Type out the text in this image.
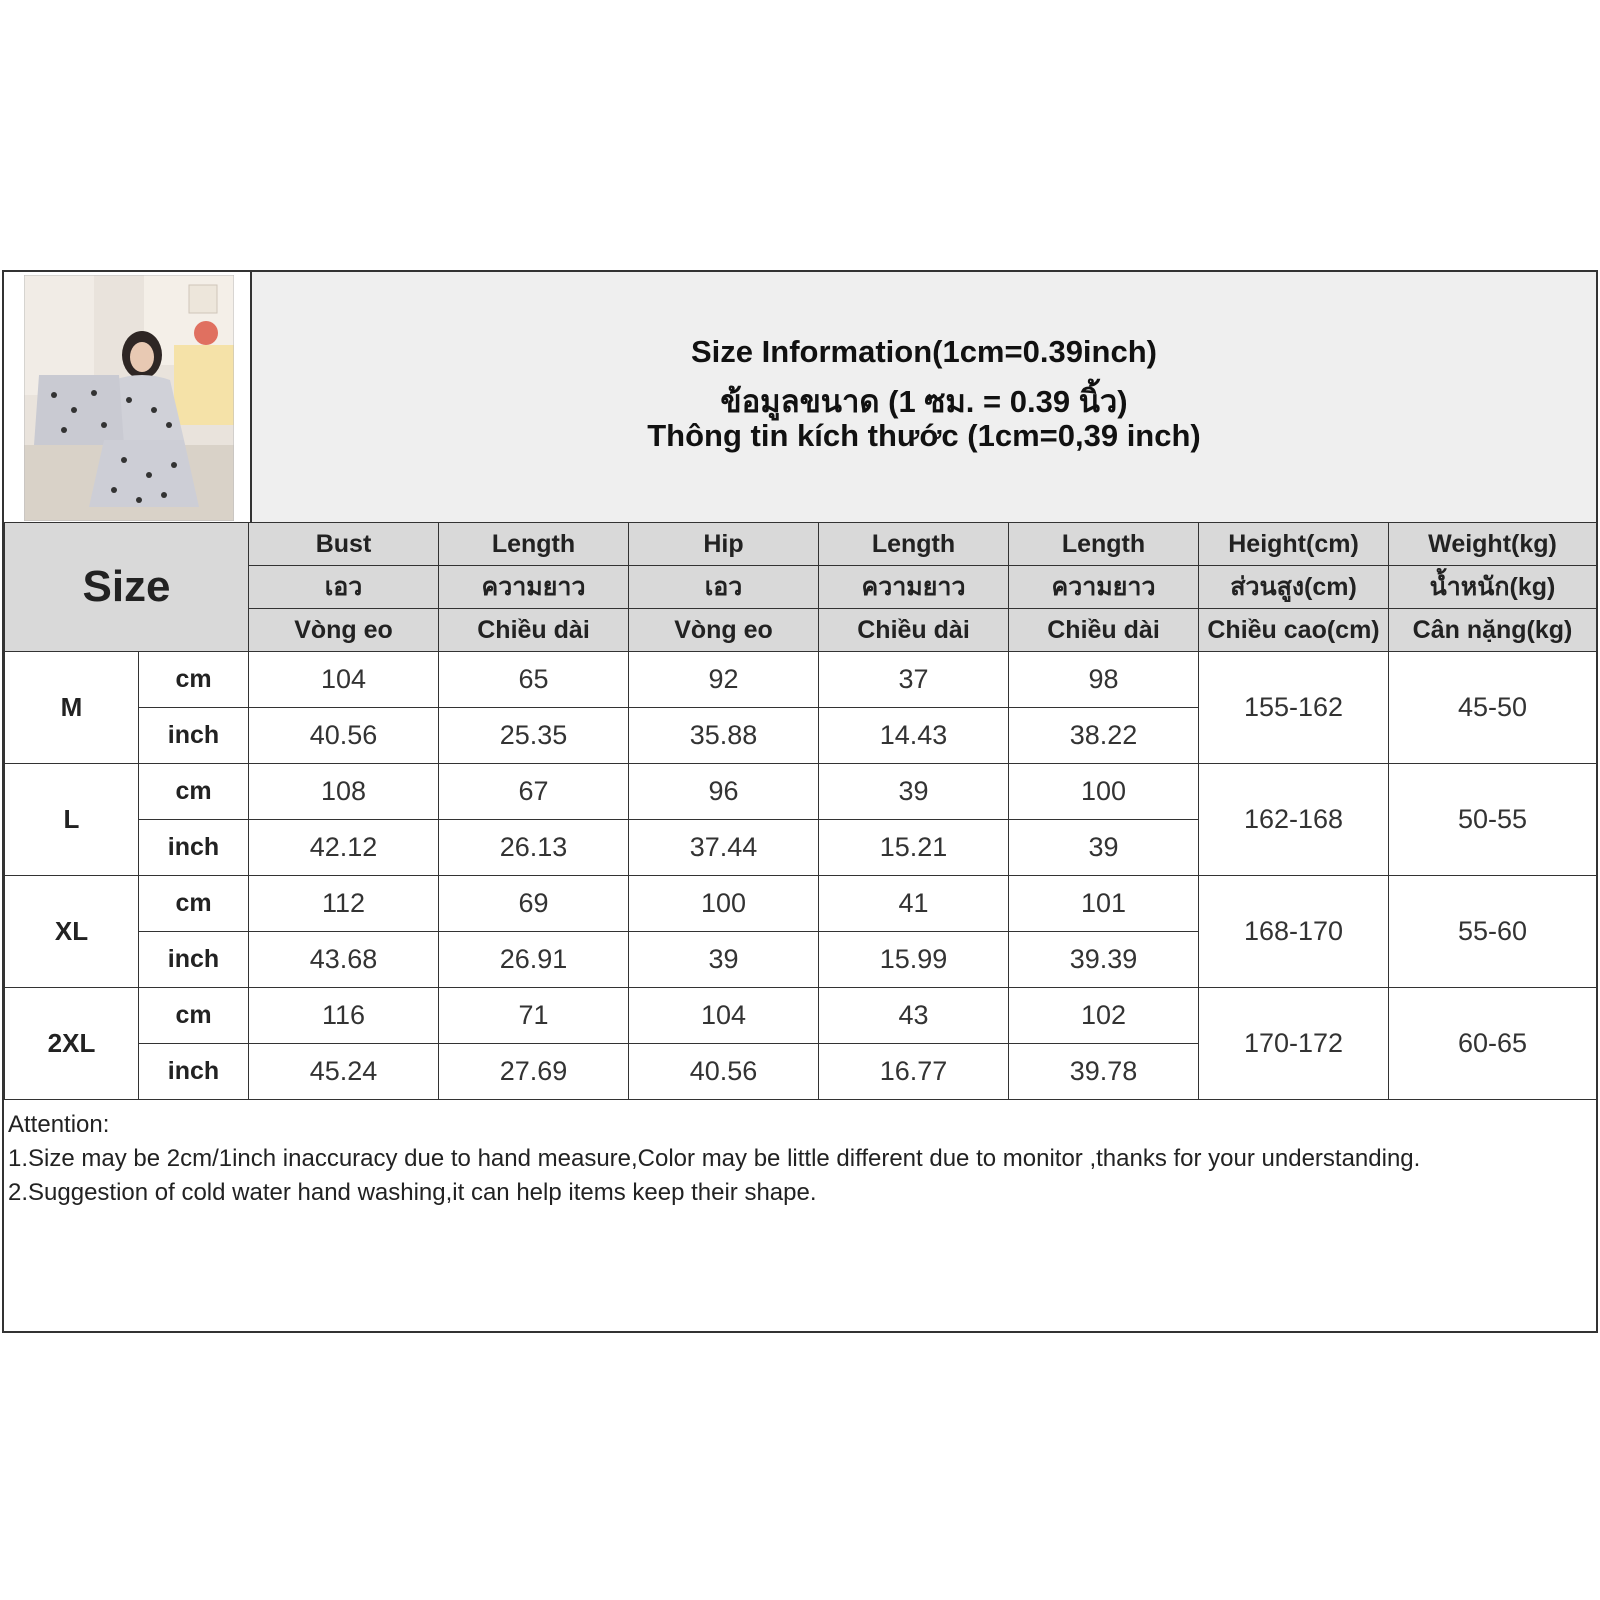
Size Information(1cm=0.39inch)
ข้อมูลขนาด (1 ซม. = 0.39 นิ้ว)
Thông tin kích thước (1cm=0,39 inch)
Size		Bust	Length	Hip	Length	Length	Height(cm)	Weight(kg)
		เอว	ความยาว	เอว	ความยาว	ความยาว	ส่วนสูง(cm)	น้ำหนัก(kg)
		Vòng eo	Chiều dài	Vòng eo	Chiều dài	Chiều dài	Chiều cao(cm)	Cân nặng(kg)
M	cm	104	65	92	37	98	155-162	45-50
	inch	40.56	25.35	35.88	14.43	38.22		
L	cm	108	67	96	39	100	162-168	50-55
	inch	42.12	26.13	37.44	15.21	39		
XL	cm	112	69	100	41	101	168-170	55-60
	inch	43.68	26.91	39	15.99	39.39		
2XL	cm	116	71	104	43	102	170-172	60-65
	inch	45.24	27.69	40.56	16.77	39.78		
Attention:
1.Size may be 2cm/1inch inaccuracy due to hand measure,Color may be little different due to monitor ,thanks for your understanding.
2.Suggestion of cold water hand washing,it can help items keep their shape.
